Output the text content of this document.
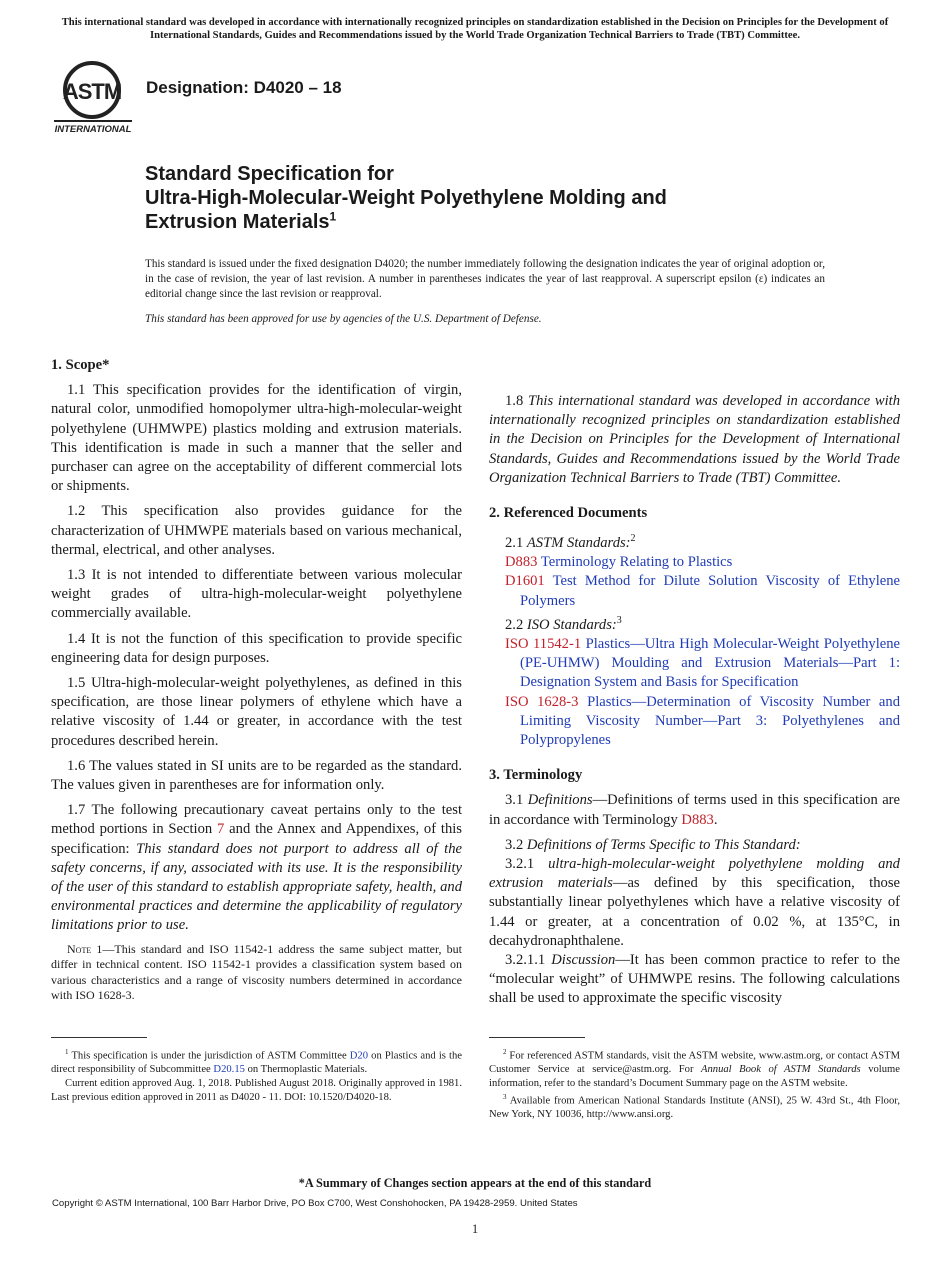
This international standard was developed in accordance with internationally recognized principles on standardization established in the Decision on Principles for the Development of International Standards, Guides and Recommendations issued by the World Trade Organization Technical Barriers to Trade (TBT) Committee.
ASTM
INTERNATIONAL
Designation: D4020 – 18
Standard Specification for
Ultra-High-Molecular-Weight Polyethylene Molding and
Extrusion Materials$^1$
This standard is issued under the fixed designation D4020; the number immediately following the designation indicates the year of original adoption or, in the case of revision, the year of last revision. A number in parentheses indicates the year of last reapproval. A superscript epsilon (ε) indicates an editorial change since the last revision or reapproval.
This standard has been approved for use by agencies of the U.S. Department of Defense.

1. Scope*

1.1 This specification provides for the identification of virgin, natural color, unmodified homopolymer ultra-high-molecular-weight polyethylene (UHMWPE) plastics molding and extrusion materials. This identification is made in such a manner that the seller and purchaser can agree on the acceptability of different commercial lots or shipments.

1.2 This specification also provides guidance for the characterization of UHMWPE materials based on various mechanical, thermal, electrical, and other analyses.

1.3 It is not intended to differentiate between various molecular weight grades of ultra-high-molecular-weight polyethylene commercially available.

1.4 It is not the function of this specification to provide specific engineering data for design purposes.

1.5 Ultra-high-molecular-weight polyethylenes, as defined in this specification, are those linear polymers of ethylene which have a relative viscosity of 1.44 or greater, in accordance with the test procedures described herein.

1.6 The values stated in SI units are to be regarded as the standard. The values given in parentheses are for information only.

1.7 The following precautionary caveat pertains only to the test method portions in Section 7 and the Annex and Appendixes, of this specification: This standard does not purport to address all of the safety concerns, if any, associated with its use. It is the responsibility of the user of this standard to establish appropriate safety, health, and environmental practices and determine the applicability of regulatory limitations prior to use.

Note 1—This standard and ISO 11542-1 address the same subject matter, but differ in technical content. ISO 11542-1 provides a classification system based on various characteristics and a range of viscosity numbers determined in accordance with ISO 1628-3.

$^1$ This specification is under the jurisdiction of ASTM Committee D20 on Plastics and is the direct responsibility of Subcommittee D20.15 on Thermoplastic Materials.

Current edition approved Aug. 1, 2018. Published August 2018. Originally approved in 1981. Last previous edition approved in 2011 as D4020 - 11. DOI: 10.1520/D4020-18.

1.8 This international standard was developed in accordance with internationally recognized principles on standardization established in the Decision on Principles for the Development of International Standards, Guides and Recommendations issued by the World Trade Organization Technical Barriers to Trade (TBT) Committee.

2. Referenced Documents

2.1 ASTM Standards:$^2$

D883 Terminology Relating to Plastics

D1601 Test Method for Dilute Solution Viscosity of Ethylene Polymers

2.2 ISO Standards:$^3$

ISO 11542-1 Plastics—Ultra High Molecular-Weight Polyethylene (PE-UHMW) Moulding and Extrusion Materials—Part 1: Designation System and Basis for Specification

ISO 1628-3 Plastics—Determination of Viscosity Number and Limiting Viscosity Number—Part 3: Polyethylenes and Polypropylenes

3. Terminology

3.1 Definitions—Definitions of terms used in this specification are in accordance with Terminology D883.

3.2 Definitions of Terms Specific to This Standard:

3.2.1 ultra-high-molecular-weight polyethylene molding and extrusion materials—as defined by this specification, those substantially linear polyethylenes which have a relative viscosity of 1.44 or greater, at a concentration of 0.02 %, at 135°C, in decahydronaphthalene.

3.2.1.1 Discussion—It has been common practice to refer to the “molecular weight” of UHMWPE resins. The following calculations shall be used to approximate the specific viscosity

$^2$ For referenced ASTM standards, visit the ASTM website, www.astm.org, or contact ASTM Customer Service at service@astm.org. For Annual Book of ASTM Standards volume information, refer to the standard’s Document Summary page on the ASTM website.

$^3$ Available from American National Standards Institute (ANSI), 25 W. 43rd St., 4th Floor, New York, NY 10036, http://www.ansi.org.

*A Summary of Changes section appears at the end of this standard
Copyright © ASTM International, 100 Barr Harbor Drive, PO Box C700, West Conshohocken, PA 19428-2959. United States
1
